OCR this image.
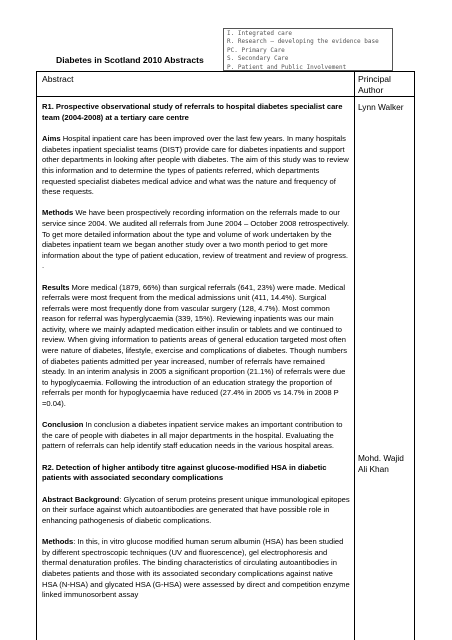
Diabetes in Scotland 2010 Abstracts
I. Integrated care
R. Research – developing the evidence base
PC. Primary Care
S. Secondary Care
P. Patient and Public Involvement
Abstract	Principal Author
R1. Prospective observational study of referrals to hospital diabetes specialist care team (2004-2008) at a tertiary care centre

Aims Hospital inpatient care has been improved over the last few years. In many hospitals diabetes inpatient specialist teams (DIST) provide care for diabetes inpatients and support other departments in looking after people with diabetes. The aim of this study was to review this information and to determine the types of patients referred, which departments requested specialist diabetes medical advice and what was the nature and frequency of these requests.

Methods We have been prospectively recording information on the referrals made to our service since 2004. We audited all referrals from June 2004 – October 2008 retrospectively. To get more detailed information about the type and volume of work undertaken by the diabetes inpatient team we began another study over a two month period to get more information about the type of patient education, review of treatment and review of progress. .

Results More medical (1879, 66%) than surgical referrals (641, 23%) were made. Medical referrals were most frequent from the medical admissions unit (411, 14.4%). Surgical referrals were most frequently done from vascular surgery (128, 4.7%). Most common reason for referral was hyperglycaemia (339, 15%). Reviewing inpatients was our main activity, where we mainly adapted medication either insulin or tablets and we continued to review. When giving information to patients areas of general education targeted most often were nature of diabetes, lifestyle, exercise and complications of diabetes. Though numbers of diabetes patients admitted per year increased, number of referrals have remained steady. In an interim analysis in 2005 a significant proportion (21.1%) of referrals were due to hypoglycaemia. Following the introduction of an education strategy the proportion of referrals per month for hypoglycaemia have reduced (27.4% in 2005 vs 14.7% in 2008 P =0.04).

Conclusion In conclusion a diabetes inpatient service makes an important contribution to the care of people with diabetes in all major departments in the hospital. Evaluating the pattern of referrals can help identify staff education needs in the various hospital areas.

R2. Detection of higher antibody titre against glucose-modified HSA in diabetic patients with associated secondary complications

Abstract Background: Glycation of serum proteins present unique immunological epitopes on their surface against which autoantibodies are generated that have possible role in enhancing pathogenesis of diabetic complications.

Methods: In this, in vitro glucose modified human serum albumin (HSA) has been studied by different spectroscopic techniques (UV and fluorescence), gel electrophoresis and thermal denaturation profiles. The binding characteristics of circulating autoantibodies in diabetes patients and those with its associated secondary complications against native HSA (N-HSA) and glycated HSA (G-HSA) were assessed by direct and competition enzyme linked immunosorbent assay

Lynn Walker
Mohd. Wajid Ali Khan
